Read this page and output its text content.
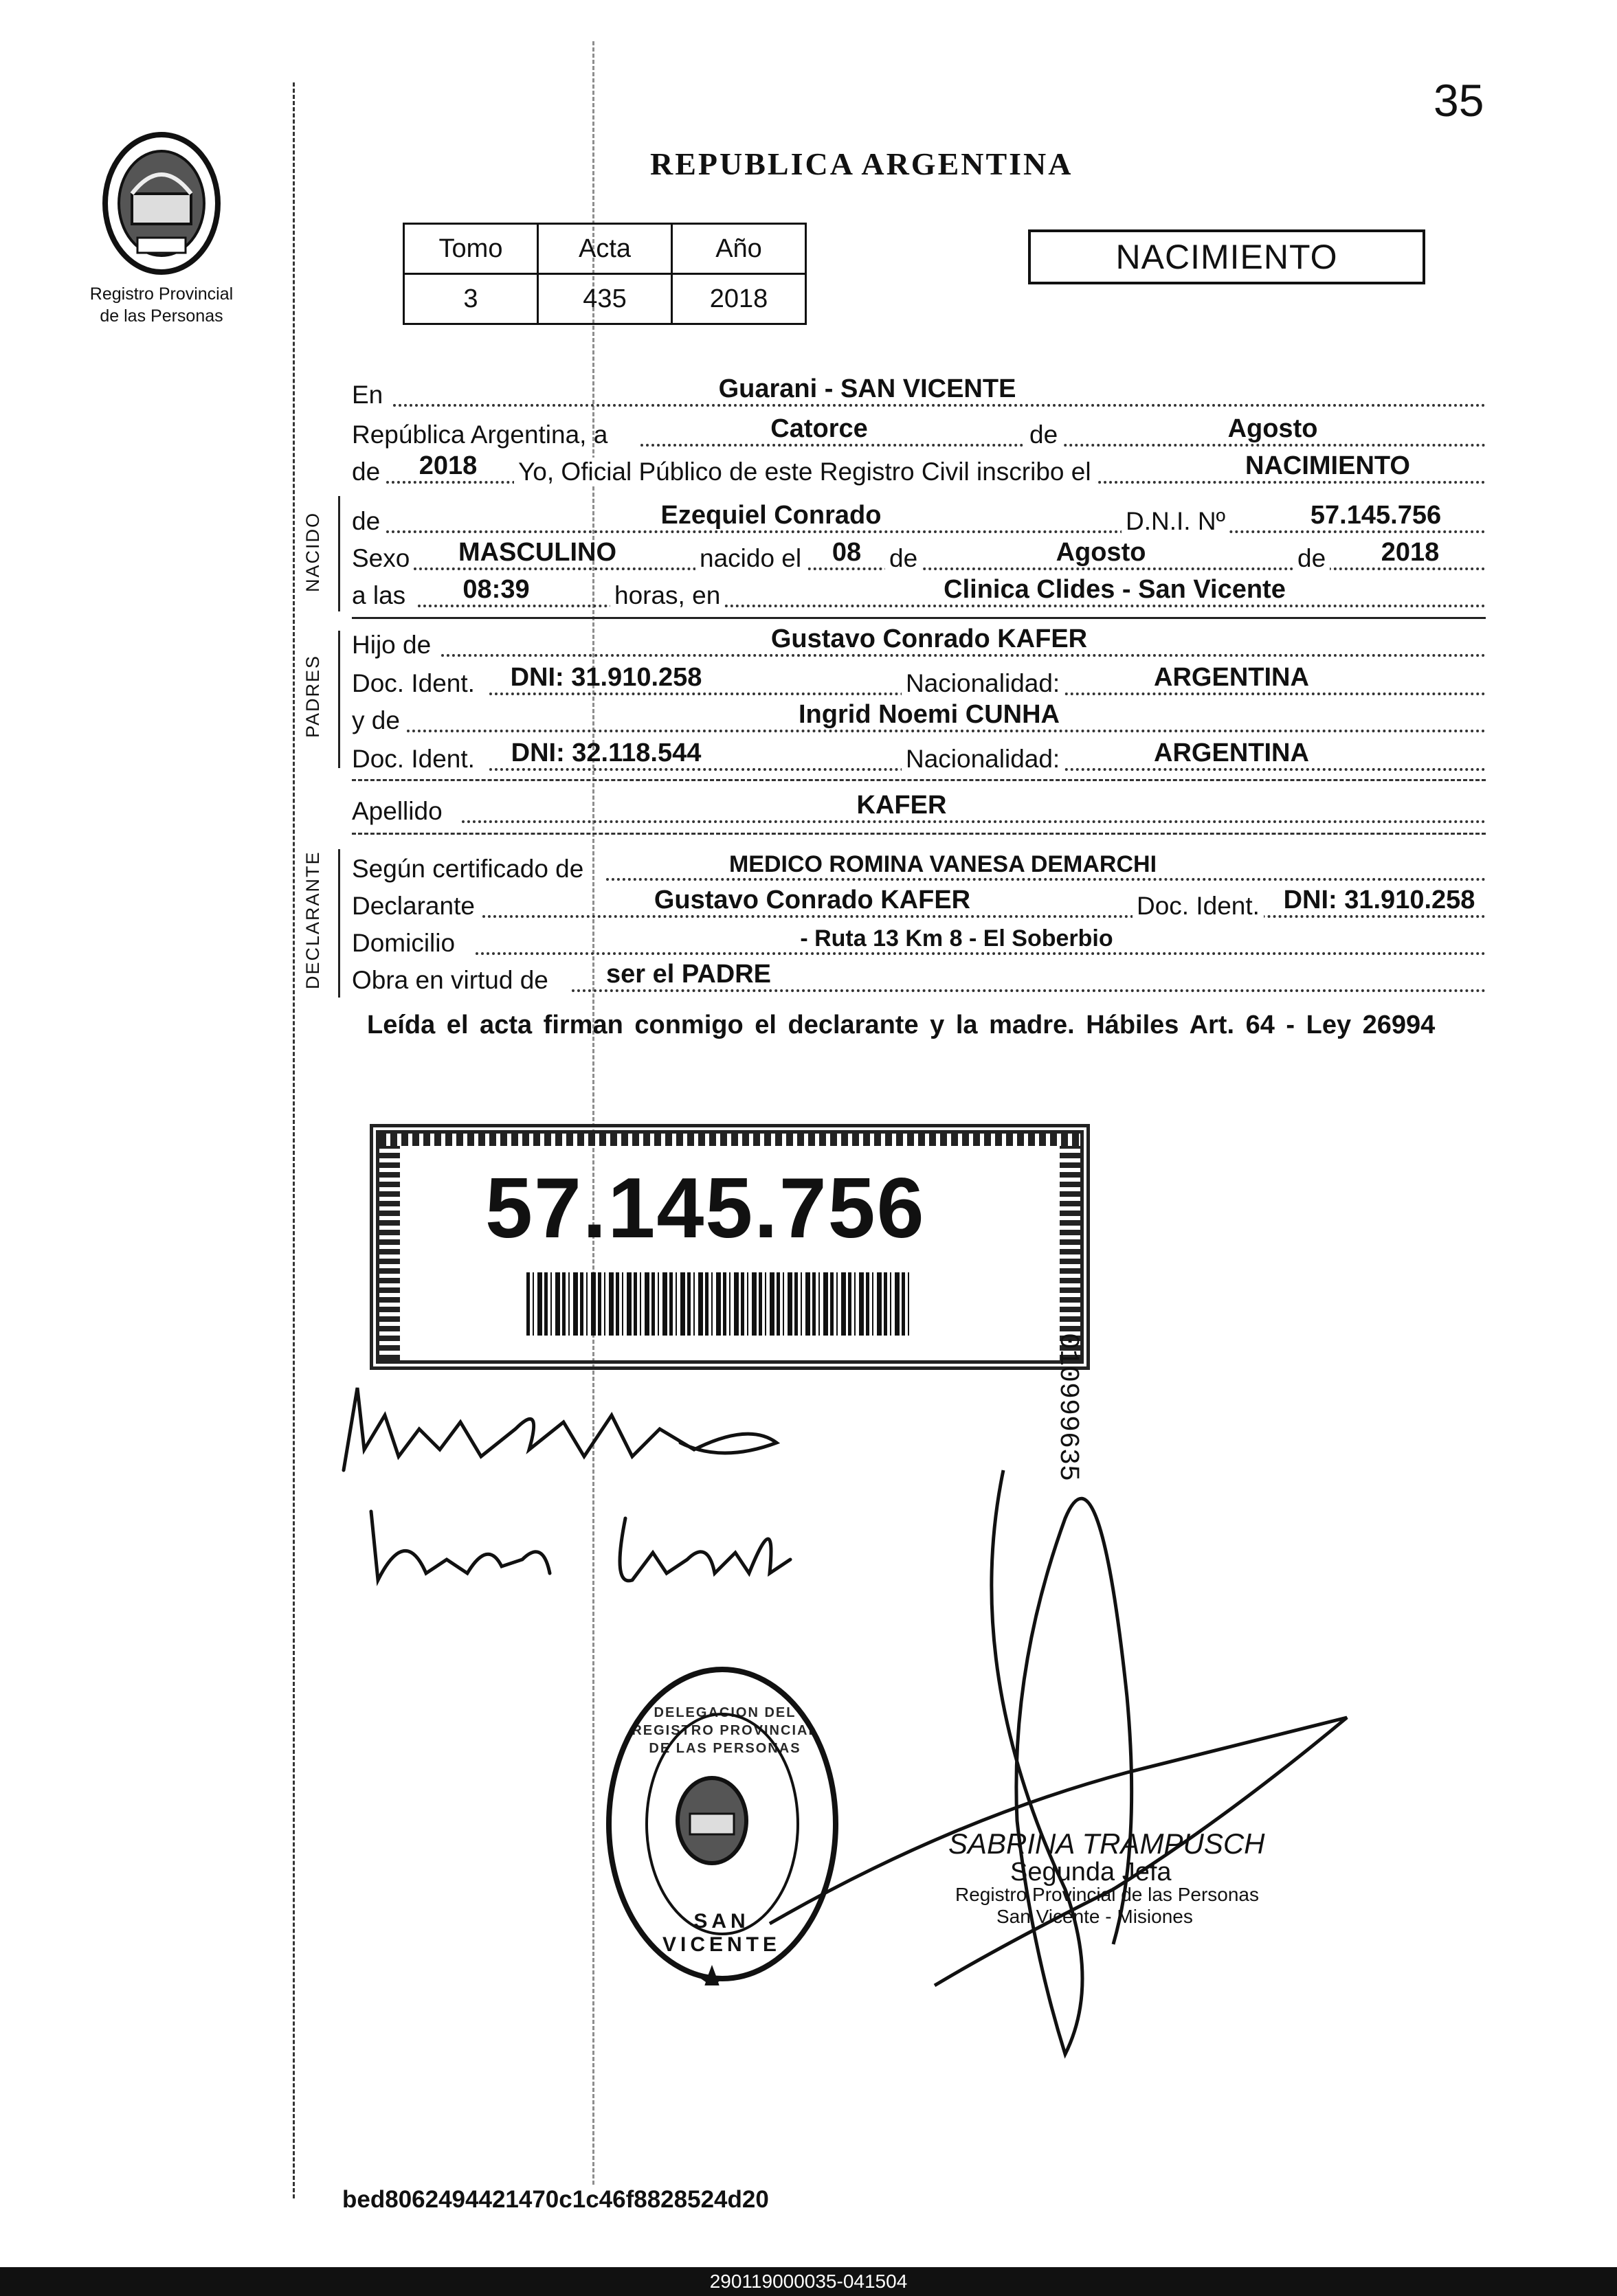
35
Registro Provincial
de las Personas
REPUBLICA ARGENTINA
Tomo	Acta	Año
3	435	2018
NACIMIENTO
En	Guarani - SAN VICENTE
República Argentina, a	Catorce	de	Agosto
de	2018	Yo, Oficial Público de este Registro Civil inscribo el	NACIMIENTO
NACIDO de	Ezequiel Conrado	D.N.I. Nº	57.145.756
Sexo	MASCULINO	nacido el	08	de	Agosto	de	2018
a las	08:39	horas, en	Clinica Clides - San Vicente
PADRES
Hijo de	Gustavo Conrado KAFER
Doc. Ident.	DNI: 31.910.258	Nacionalidad:	ARGENTINA
y de	Ingrid Noemi CUNHA
Doc. Ident.	DNI: 32.118.544	Nacionalidad:	ARGENTINA
Apellido	KAFER
DECLARANTE Según certificado de	MEDICO ROMINA VANESA DEMARCHI
Declarante	Gustavo Conrado KAFER	Doc. Ident. DNI: 31.910.258
Domicilio	- Ruta 13 Km 8 - El Soberbio
Obra en virtud de	ser el PADRE
Leída el acta firman conmigo el declarante y la madre. Hábiles Art. 64 - Ley 26994
57.145.756
010999635
DELEGACION DEL REGISTRO PROVINCIAL DE LAS PERSONAS
SAN VICENTE
SABRINA TRAMPUSCH
Segunda Jefa
Registro Provincial de las Personas
San Vicente - Misiones
bed8062494421470c1c46f8828524d20
290119000035-041504
